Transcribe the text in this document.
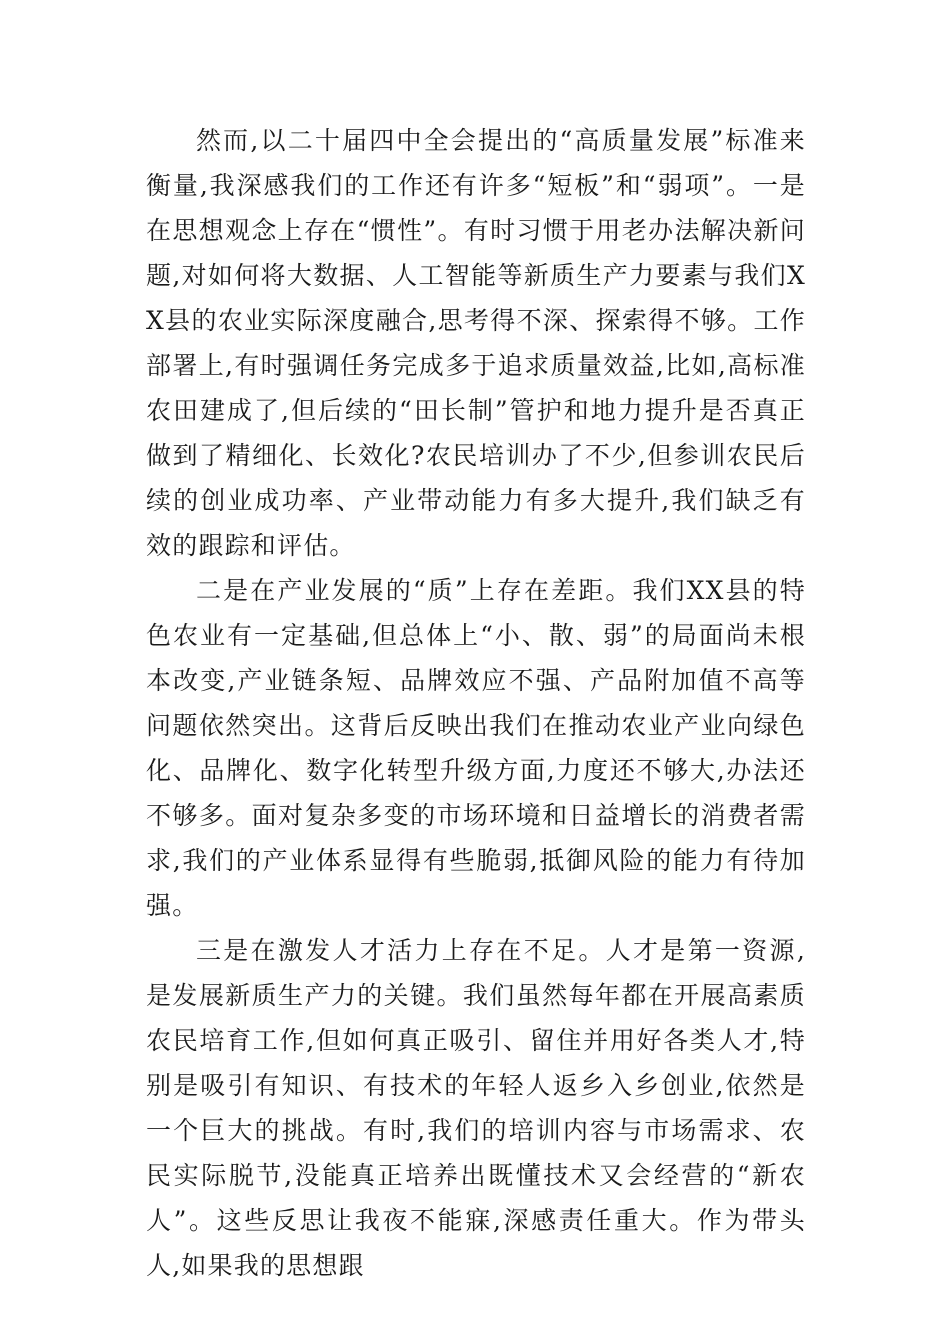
然而,以二十届四中全会提出的“高质量发展”标准来衡量,我深感我们的工作还有许多“短板”和“弱项”。一是在思想观念上存在“惯性”。有时习惯于用老办法解决新问题,对如何将大数据、人工智能等新质生产力要素与我们XX县的农业实际深度融合,思考得不深、探索得不够。工作部署上,有时强调任务完成多于追求质量效益,比如,高标准农田建成了,但后续的“田长制”管护和地力提升是否真正做到了精细化、长效化?农民培训办了不少,但参训农民后续的创业成功率、产业带动能力有多大提升,我们缺乏有效的跟踪和评估。

二是在产业发展的“质”上存在差距。我们XX县的特色农业有一定基础,但总体上“小、散、弱”的局面尚未根本改变,产业链条短、品牌效应不强、产品附加值不高等问题依然突出。这背后反映出我们在推动农业产业向绿色化、品牌化、数字化转型升级方面,力度还不够大,办法还不够多。面对复杂多变的市场环境和日益增长的消费者需求,我们的产业体系显得有些脆弱,抵御风险的能力有待加强。

三是在激发人才活力上存在不足。人才是第一资源,是发展新质生产力的关键。我们虽然每年都在开展高素质农民培育工作,但如何真正吸引、留住并用好各类人才,特别是吸引有知识、有技术的年轻人返乡入乡创业,依然是一个巨大的挑战。有时,我们的培训内容与市场需求、农民实际脱节,没能真正培养出既懂技术又会经营的“新农人”。这些反思让我夜不能寐,深感责任重大。作为带头人,如果我的思想跟
